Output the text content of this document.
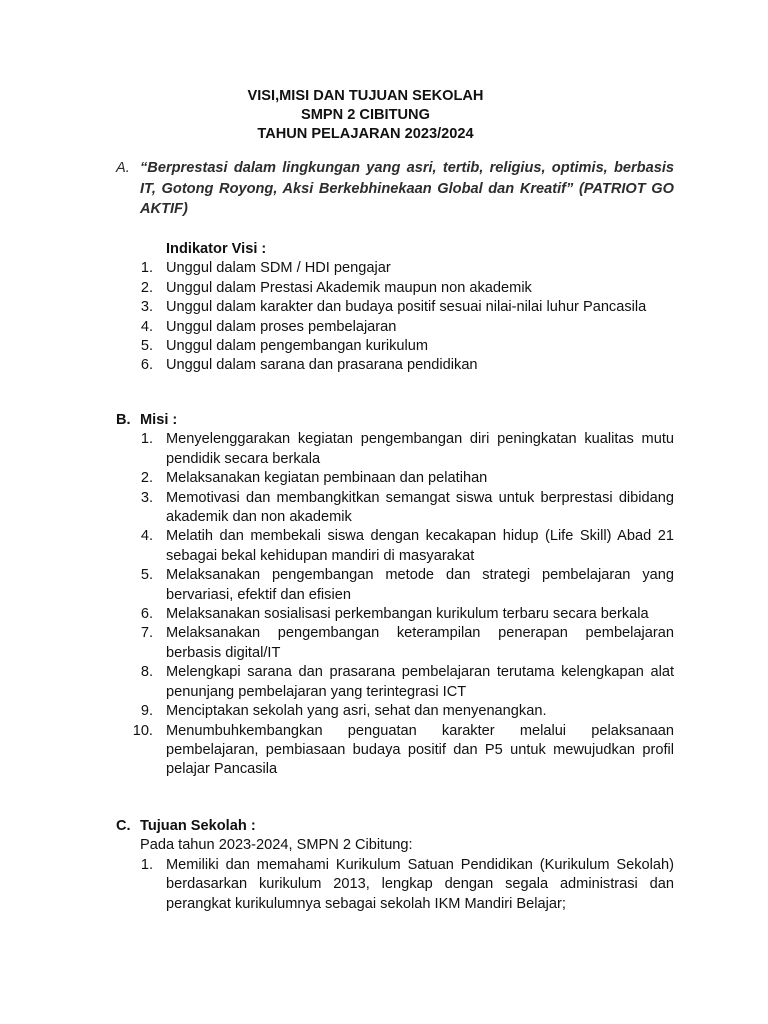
VISI,MISI DAN TUJUAN SEKOLAH
SMPN 2 CIBITUNG
TAHUN PELAJARAN 2023/2024
A. “Berprestasi dalam lingkungan yang asri, tertib, religius, optimis, berbasis IT, Gotong Royong, Aksi Berkebhinekaan Global dan Kreatif” (PATRIOT GO AKTIF)
Indikator Visi :
1. Unggul dalam SDM / HDI pengajar
2. Unggul dalam Prestasi Akademik maupun non akademik
3. Unggul dalam karakter dan budaya positif sesuai nilai-nilai luhur Pancasila
4. Unggul dalam proses pembelajaran
5. Unggul dalam pengembangan kurikulum
6. Unggul dalam sarana dan prasarana pendidikan
B. Misi :
1. Menyelenggarakan kegiatan pengembangan diri peningkatan kualitas mutu pendidik secara berkala
2. Melaksanakan kegiatan pembinaan dan pelatihan
3. Memotivasi dan membangkitkan semangat siswa untuk berprestasi dibidang akademik dan non akademik
4. Melatih dan membekali siswa dengan kecakapan hidup (Life Skill) Abad 21 sebagai bekal kehidupan mandiri di masyarakat
5. Melaksanakan pengembangan metode dan strategi pembelajaran yang bervariasi, efektif dan efisien
6. Melaksanakan sosialisasi perkembangan kurikulum terbaru secara berkala
7. Melaksanakan pengembangan keterampilan penerapan pembelajaran berbasis digital/IT
8. Melengkapi sarana dan prasarana pembelajaran terutama kelengkapan alat penunjang pembelajaran yang terintegrasi ICT
9. Menciptakan sekolah yang asri, sehat dan menyenangkan.
10. Menumbuhkembangkan penguatan karakter melalui pelaksanaan pembelajaran, pembiasaan budaya positif dan P5 untuk mewujudkan profil pelajar Pancasila
C. Tujuan Sekolah :
Pada tahun 2023-2024, SMPN 2 Cibitung:
1. Memiliki dan memahami Kurikulum Satuan Pendidikan (Kurikulum Sekolah) berdasarkan kurikulum 2013, lengkap dengan segala administrasi dan perangkat kurikulumnya sebagai sekolah IKM Mandiri Belajar;
